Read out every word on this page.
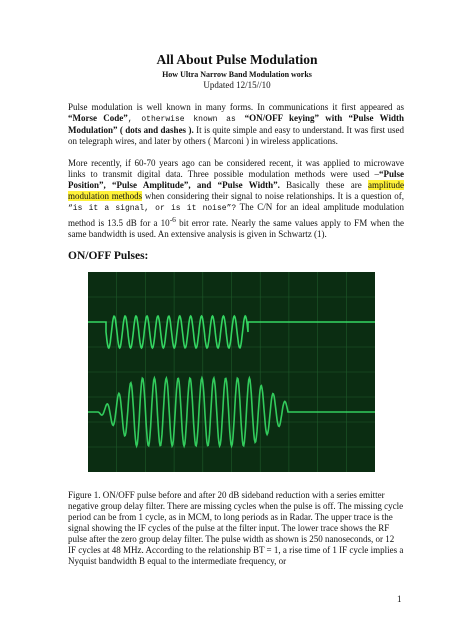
All About Pulse Modulation
How Ultra Narrow Band Modulation works
Updated 12/15//10
Pulse modulation is well known in many forms. In communications it first appeared as “Morse Code”, otherwise known as “ON/OFF keying” with “Pulse Width Modulation” ( dots and dashes ). It is quite simple and easy to understand. It was first used on telegraph wires, and later by others ( Marconi ) in wireless applications.
More recently, if 60-70 years ago can be considered recent, it was applied to microwave links to transmit digital data. Three possible modulation methods were used –“Pulse Position”, “Pulse Amplitude”, and “Pulse Width”. Basically these are amplitude modulation methods when considering their signal to noise relationships. It is a question of, “is it a signal, or is it noise”? The C/N for an ideal amplitude modulation method is 13.5 dB for a $10^{-6}$ bit error rate. Nearly the same values apply to FM when the same bandwidth is used. An extensive analysis is given in Schwartz (1).
ON/OFF Pulses:
Figure 1. ON/OFF pulse before and after 20 dB sideband reduction with a series emitter negative group delay filter. There are missing cycles when the pulse is off. The missing cycle period can be from 1 cycle, as in MCM, to long periods as in Radar. The upper trace is the signal showing the IF cycles of the pulse at the filter input. The lower trace shows the RF pulse after the zero group delay filter. The pulse width as shown is 250 nanoseconds, or 12 IF cycles at 48 MHz. According to the relationship BT = 1, a rise time of 1 IF cycle implies a Nyquist bandwidth B equal to the intermediate frequency, or
1
